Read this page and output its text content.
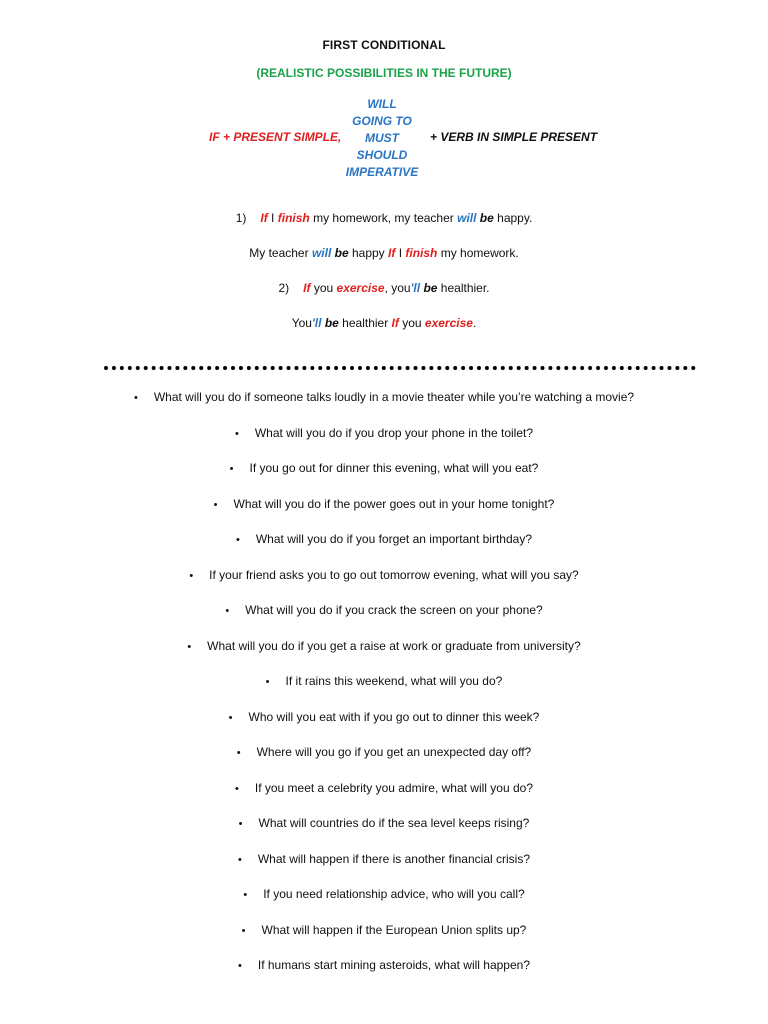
FIRST CONDITIONAL
(REALISTIC POSSIBILITIES IN THE FUTURE)
IF + PRESENT SIMPLE,
WILL
GOING TO
MUST
SHOULD
IMPERATIVE
+ VERB IN SIMPLE PRESENT
1) If I finish my homework, my teacher will be happy.
My teacher will be happy If I finish my homework.
2) If you exercise, you'll be healthier.
You'll be healthier If you exercise.
• What will you do if someone talks loudly in a movie theater while you’re watching a movie?
• What will you do if you drop your phone in the toilet?
• If you go out for dinner this evening, what will you eat?
• What will you do if the power goes out in your home tonight?
• What will you do if you forget an important birthday?
• If your friend asks you to go out tomorrow evening, what will you say?
• What will you do if you crack the screen on your phone?
• What will you do if you get a raise at work or graduate from university?
• If it rains this weekend, what will you do?
• Who will you eat with if you go out to dinner this week?
• Where will you go if you get an unexpected day off?
• If you meet a celebrity you admire, what will you do?
• What will countries do if the sea level keeps rising?
• What will happen if there is another financial crisis?
• If you need relationship advice, who will you call?
• What will happen if the European Union splits up?
• If humans start mining asteroids, what will happen?
